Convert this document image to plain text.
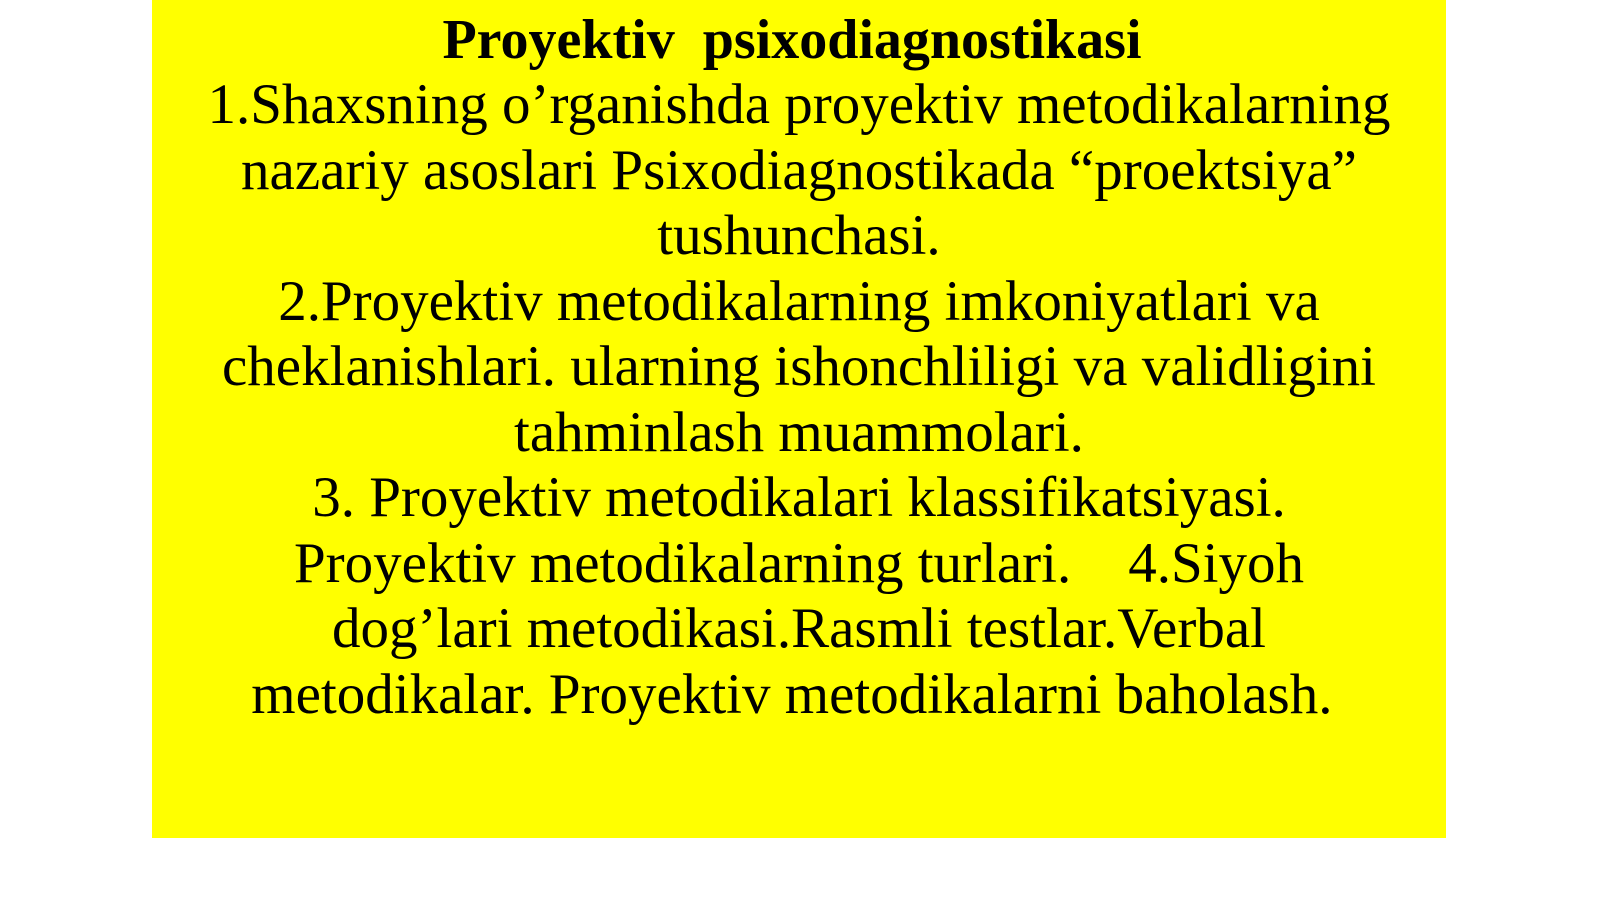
Proyektiv  psixodiagnostikasi
1.Shaxsning o’rganishda proyektiv metodikalarning
nazariy asoslari Psixodiagnostikada “proektsiya”
tushunchasi.
2.Proyektiv metodikalarning imkoniyatlari va
cheklanishlari. ularning ishonchliligi va validligini
tahminlash muammolari.
3. Proyektiv metodikalari klassifikatsiyasi.
Proyektiv metodikalarning turlari.    4.Siyoh
dog’lari metodikasi.Rasmli testlar.Verbal
metodikalar. Proyektiv metodikalarni baholash.
